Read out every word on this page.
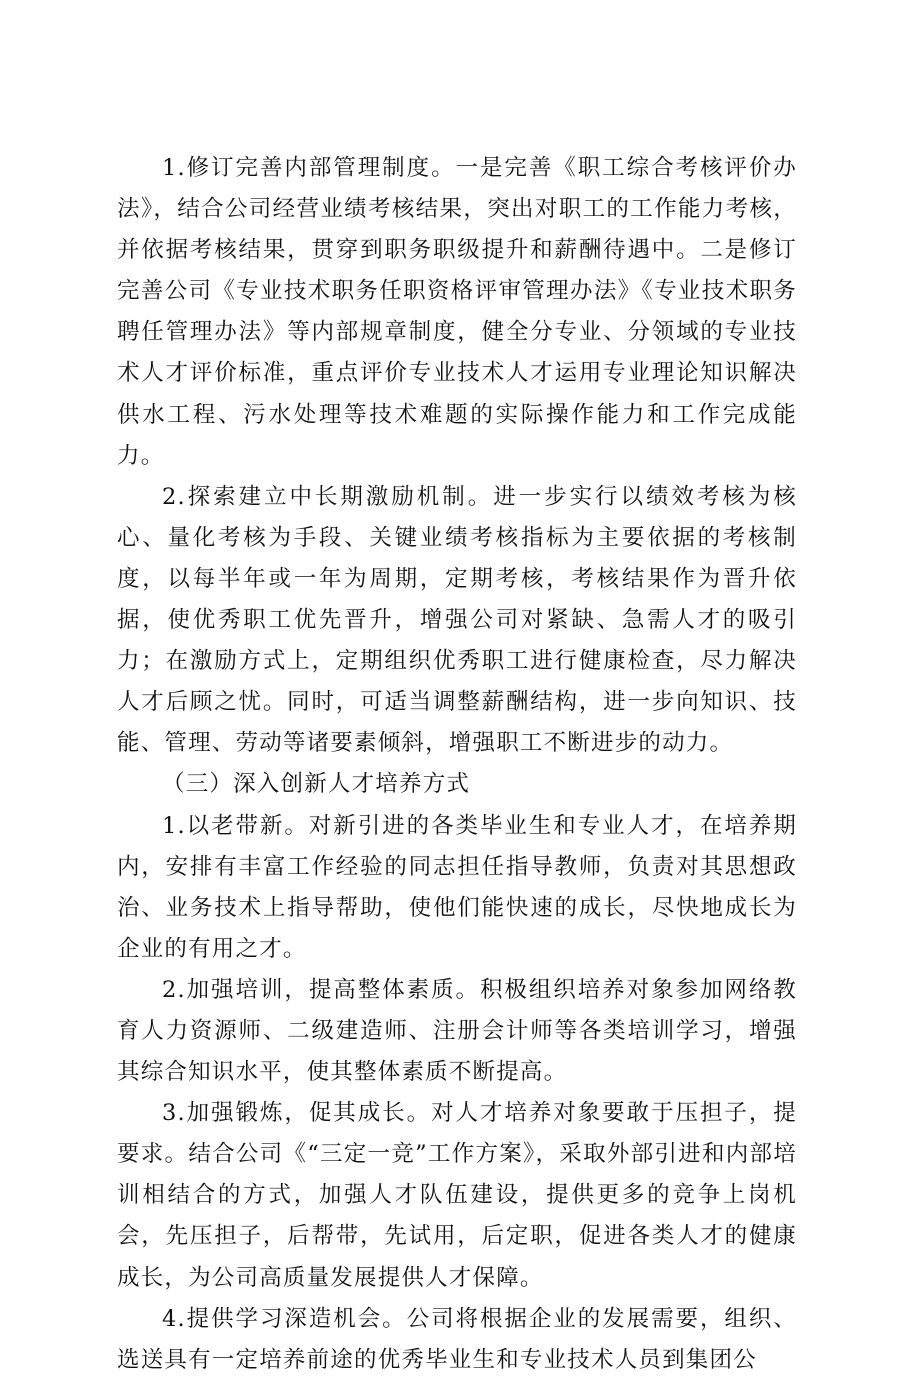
1.修订完善内部管理制度。一是完善《职工综合考核评价办法》，结合公司经营业绩考核结果，突出对职工的工作能力考核，并依据考核结果，贯穿到职务职级提升和薪酬待遇中。二是修订完善公司《专业技术职务任职资格评审管理办法》《专业技术职务聘任管理办法》等内部规章制度，健全分专业、分领域的专业技术人才评价标准，重点评价专业技术人才运用专业理论知识解决供水工程、污水处理等技术难题的实际操作能力和工作完成能力。

2.探索建立中长期激励机制。进一步实行以绩效考核为核心、量化考核为手段、关键业绩考核指标为主要依据的考核制度，以每半年或一年为周期，定期考核，考核结果作为晋升依据，使优秀职工优先晋升，增强公司对紧缺、急需人才的吸引力；在激励方式上，定期组织优秀职工进行健康检查，尽力解决人才后顾之忧。同时，可适当调整薪酬结构，进一步向知识、技能、管理、劳动等诸要素倾斜，增强职工不断进步的动力。

（三）深入创新人才培养方式

1.以老带新。对新引进的各类毕业生和专业人才，在培养期内，安排有丰富工作经验的同志担任指导教师，负责对其思想政治、业务技术上指导帮助，使他们能快速的成长，尽快地成长为企业的有用之才。

2.加强培训，提高整体素质。积极组织培养对象参加网络教育人力资源师、二级建造师、注册会计师等各类培训学习，增强其综合知识水平，使其整体素质不断提高。

3.加强锻炼，促其成长。对人才培养对象要敢于压担子，提要求。结合公司《“三定一竞”工作方案》，采取外部引进和内部培训相结合的方式，加强人才队伍建设，提供更多的竞争上岗机会，先压担子，后帮带，先试用，后定职，促进各类人才的健康成长，为公司高质量发展提供人才保障。

4.提供学习深造机会。公司将根据企业的发展需要，组织、选送具有一定培养前途的优秀毕业生和专业技术人员到集团公
